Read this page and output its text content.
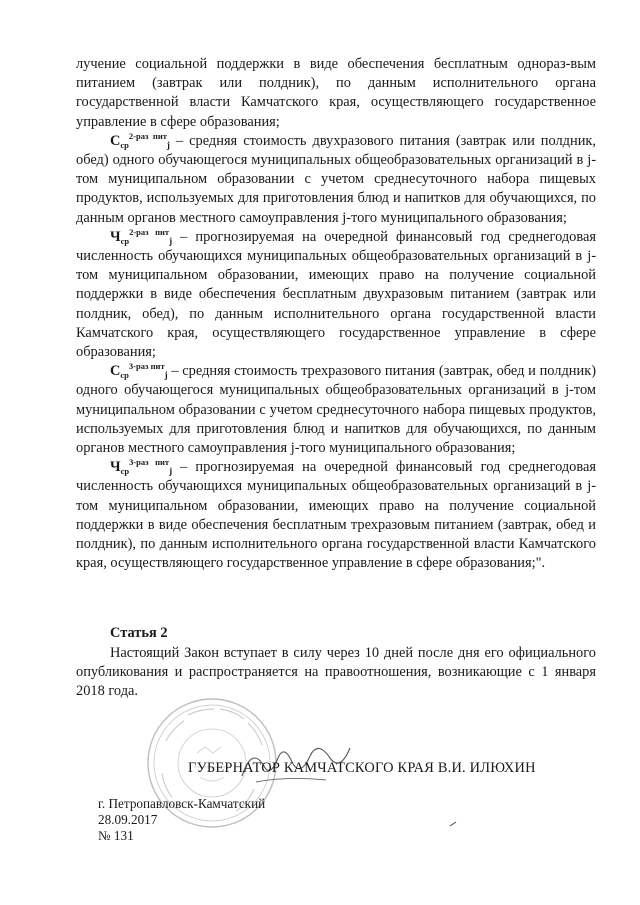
лучение социальной поддержки в виде обеспечения бесплатным однораз-вым питанием (завтрак или полдник), по данным исполнительного органа государственной власти Камчатского края, осуществляющего государственное управление в сфере образования;

$С_{ср}^{2-раз пит}_j$ – средняя стоимость двухразового питания (завтрак или полдник, обед) одного обучающегося муниципальных общеобразовательных организаций в j-том муниципальном образовании с учетом среднесуточного набора пищевых продуктов, используемых для приготовления блюд и напитков для обучающихся, по данным органов местного самоуправления j-того муниципального образования;

$Ч_{ср}^{2-раз пит}_j$ – прогнозируемая на очередной финансовый год среднегодовая численность обучающихся муниципальных общеобразовательных организаций в j-том муниципальном образовании, имеющих право на получение социальной поддержки в виде обеспечения бесплатным двухразовым питанием (завтрак или полдник, обед), по данным исполнительного органа государственной власти Камчатского края, осуществляющего государственное управление в сфере образования;

$С_{ср}^{3-раз пит}_j$ – средняя стоимость трехразового питания (завтрак, обед и полдник) одного обучающегося муниципальных общеобразовательных организаций в j-том муниципальном образовании с учетом среднесуточного набора пищевых продуктов, используемых для приготовления блюд и напитков для обучающихся, по данным органов местного самоуправления j-того муниципального образования;

$Ч_{ср}^{3-раз пит}_j$ – прогнозируемая на очередной финансовый год среднегодовая численность обучающихся муниципальных общеобразовательных организаций в j-том муниципальном образовании, имеющих право на получение социальной поддержки в виде обеспечения бесплатным трехразовым питанием (завтрак, обед и полдник), по данным исполнительного органа государственной власти Камчатского края, осуществляющего государственное управление в сфере образования;".

Статья 2
Настоящий Закон вступает в силу через 10 дней после дня его официального опубликования и распространяется на правоотношения, возникающие с 1 января 2018 года.
ГУБЕРНАТОР КАМЧАТСКОГО КРАЯ В.И. ИЛЮХИН
г. Петропавловск-Камчатский
28.09.2017
№ 131
